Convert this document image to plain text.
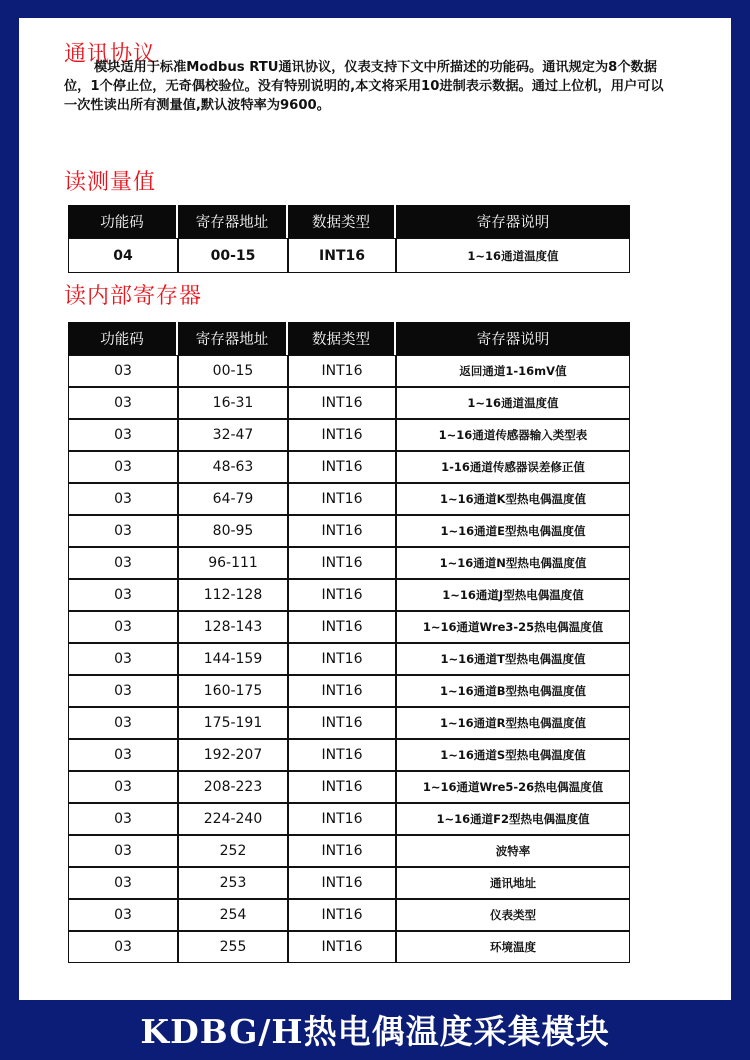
通讯协议

模块适用于标准Modbus RTU通讯协议，仪表支持下文中所描述的功能码。通讯规定为8个数据位，1个停止位，无奇偶校验位。没有特别说明的,本文将采用10进制表示数据。通过上位机，用户可以一次性读出所有测量值,默认波特率为9600。

读测量值
功能码	寄存器地址	数据类型	寄存器说明
04	00-15	INT16	1~16通道温度值
读内部寄存器
功能码	寄存器地址	数据类型	寄存器说明
03	00-15	INT16	返回通道1-16mV值
03	16-31	INT16	1~16通道温度值
03	32-47	INT16	1~16通道传感器输入类型表
03	48-63	INT16	1-16通道传感器误差修正值
03	64-79	INT16	1~16通道K型热电偶温度值
03	80-95	INT16	1~16通道E型热电偶温度值
03	96-111	INT16	1~16通道N型热电偶温度值
03	112-128	INT16	1~16通道J型热电偶温度值
03	128-143	INT16	1~16通道Wre3-25热电偶温度值
03	144-159	INT16	1~16通道T型热电偶温度值
03	160-175	INT16	1~16通道B型热电偶温度值
03	175-191	INT16	1~16通道R型热电偶温度值
03	192-207	INT16	1~16通道S型热电偶温度值
03	208-223	INT16	1~16通道Wre5-26热电偶温度值
03	224-240	INT16	1~16通道F2型热电偶温度值
03	252	INT16	波特率
03	253	INT16	通讯地址
03	254	INT16	仪表类型
03	255	INT16	环境温度
KDBG/H热电偶温度采集模块
